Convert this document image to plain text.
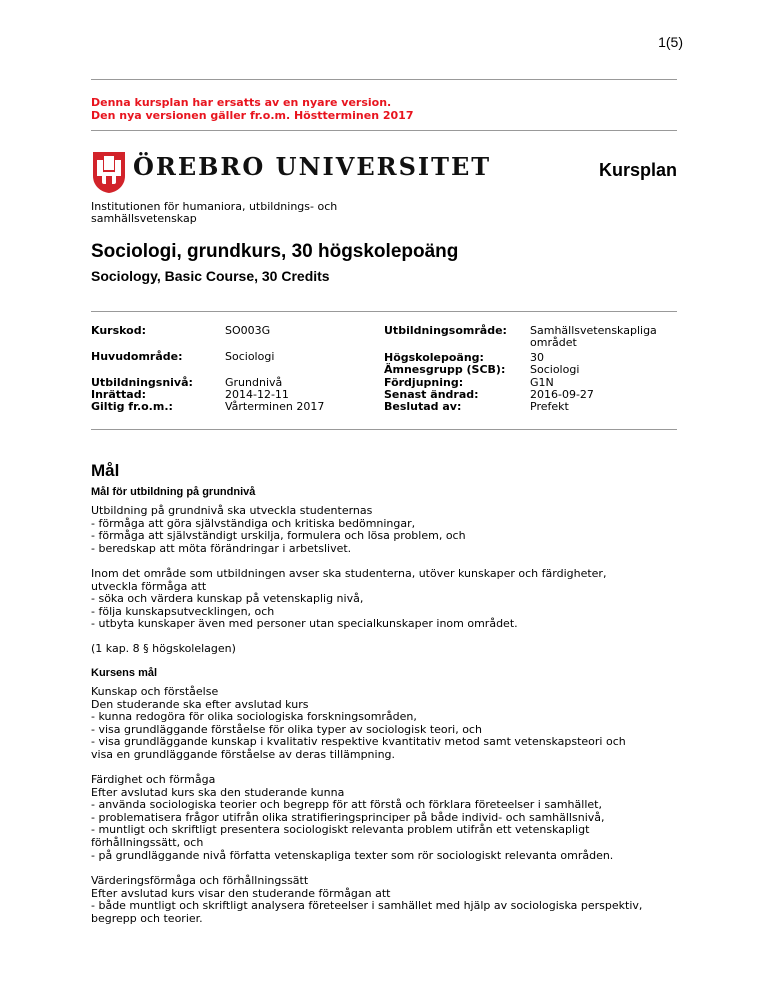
1(5)
Denna kursplan har ersatts av en nyare version.
Den nya versionen gäller fr.o.m. Höstterminen 2017
ÖREBRO UNIVERSITET	Kursplan
Institutionen för humaniora, utbildnings- och samhällsvetenskap
Sociologi, grundkurs, 30 högskolepoäng
Sociology, Basic Course, 30 Credits
Kurskod:
Huvudområde:
Utbildningsnivå:
Inrättad:
Giltig fr.o.m.:
SO003G
Sociologi
Grundnivå
2014-12-11
Vårterminen 2017
Utbildningsområde:
Högskolepoäng:
Ämnesgrupp (SCB):
Fördjupning:
Senast ändrad:
Beslutad av:
Samhällsvetenskapliga området
30
Sociologi
G1N
2016-09-27
Prefekt
Mål
Mål för utbildning på grundnivå
Utbildning på grundnivå ska utveckla studenternas
- förmåga att göra självständiga och kritiska bedömningar,
- förmåga att självständigt urskilja, formulera och lösa problem, och
- beredskap att möta förändringar i arbetslivet.
Inom det område som utbildningen avser ska studenterna, utöver kunskaper och färdigheter,
utveckla förmåga att
- söka och värdera kunskap på vetenskaplig nivå,
- följa kunskapsutvecklingen, och
- utbyta kunskaper även med personer utan specialkunskaper inom området.
(1 kap. 8 § högskolelagen)
Kursens mål
Kunskap och förståelse
Den studerande ska efter avslutad kurs
- kunna redogöra för olika sociologiska forskningsområden,
- visa grundläggande förståelse för olika typer av sociologisk teori, och
- visa grundläggande kunskap i kvalitativ respektive kvantitativ metod samt vetenskapsteori och
visa en grundläggande förståelse av deras tillämpning.
Färdighet och förmåga
Efter avslutad kurs ska den studerande kunna
- använda sociologiska teorier och begrepp för att förstå och förklara företeelser i samhället,
- problematisera frågor utifrån olika stratifieringsprinciper på både individ- och samhällsnivå,
- muntligt och skriftligt presentera sociologiskt relevanta problem utifrån ett vetenskapligt
förhållningssätt, och
- på grundläggande nivå författa vetenskapliga texter som rör sociologiskt relevanta områden.
Värderingsförmåga och förhållningssätt
Efter avslutad kurs visar den studerande förmågan att
- både muntligt och skriftligt analysera företeelser i samhället med hjälp av sociologiska perspektiv,
begrepp och teorier.
